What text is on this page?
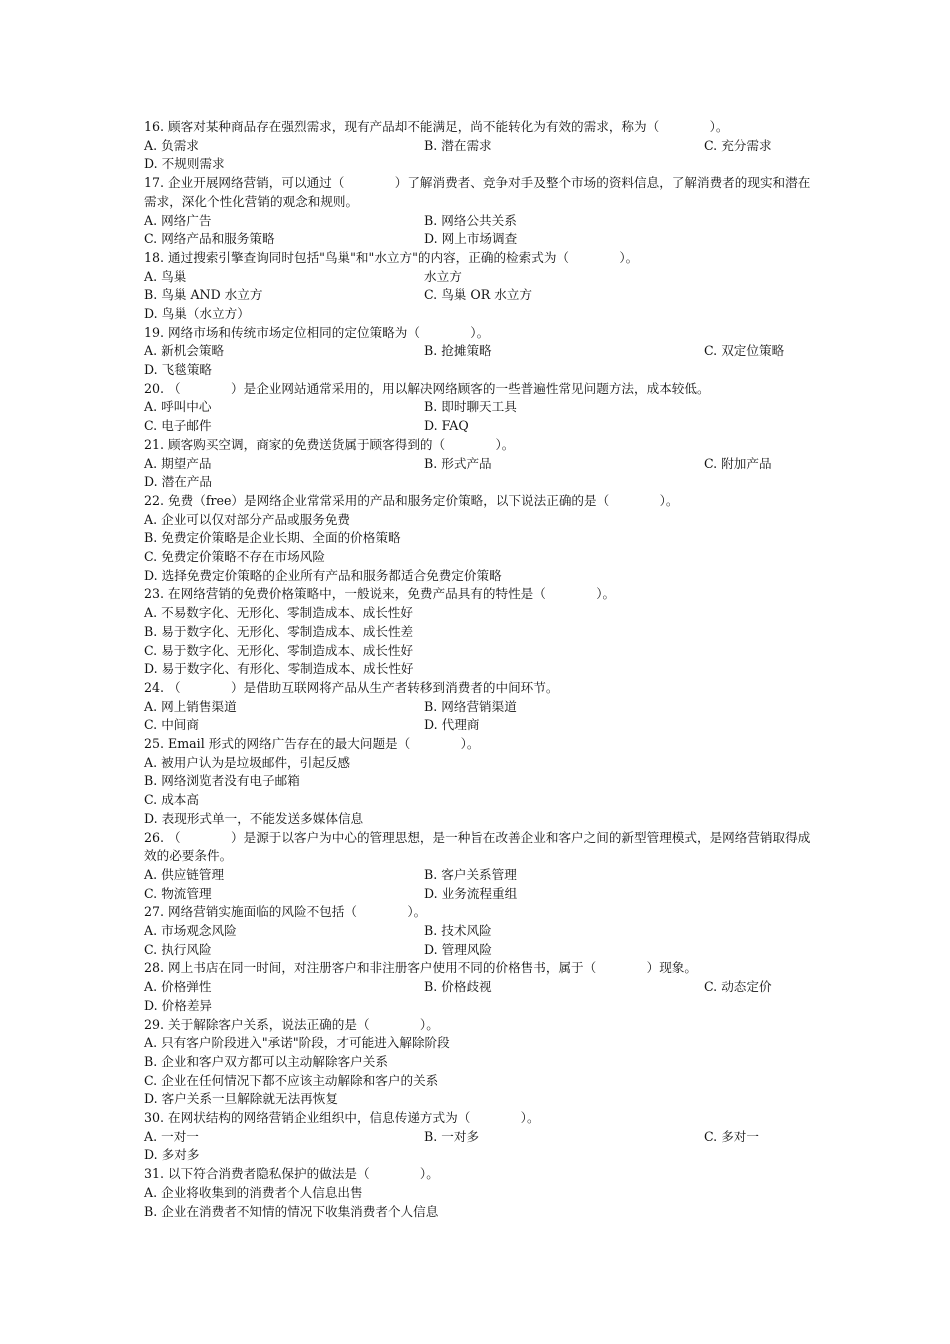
16. 顾客对某种商品存在强烈需求，现有产品却不能满足，尚不能转化为有效的需求，称为（　　　　）。

A. 负需求	B. 潜在需求	C. 充分需求
D. 不规则需求

17. 企业开展网络营销，可以通过（　　　　）了解消费者、竞争对手及整个市场的资料信息，了解消费者的现实和潜在需求，深化个性化营销的观念和规则。

A. 网络广告	B. 网络公共关系
C. 网络产品和服务策略	D. 网上市场调查

18. 通过搜索引擎查询同时包括"鸟巢"和"水立方"的内容，正确的检索式为（　　　　）。

A. 鸟巢	水立方
B. 鸟巢 AND 水立方	C. 鸟巢 OR 水立方
D. 鸟巢（水立方）

19. 网络市场和传统市场定位相同的定位策略为（　　　　）。

A. 新机会策略	B. 抢摊策略	C. 双定位策略
D. 飞毯策略

20. （　　　　）是企业网站通常采用的，用以解决网络顾客的一些普遍性常见问题方法，成本较低。

A. 呼叫中心	B. 即时聊天工具
C. 电子邮件	D. FAQ

21. 顾客购买空调，商家的免费送货属于顾客得到的（　　　　）。

A. 期望产品	B. 形式产品	C. 附加产品
D. 潜在产品

22. 免费（free）是网络企业常常采用的产品和服务定价策略，以下说法正确的是（　　　　）。

A. 企业可以仅对部分产品或服务免费
B. 免费定价策略是企业长期、全面的价格策略
C. 免费定价策略不存在市场风险
D. 选择免费定价策略的企业所有产品和服务都适合免费定价策略

23. 在网络营销的免费价格策略中，一般说来，免费产品具有的特性是（　　　　）。

A. 不易数字化、无形化、零制造成本、成长性好
B. 易于数字化、无形化、零制造成本、成长性差
C. 易于数字化、无形化、零制造成本、成长性好
D. 易于数字化、有形化、零制造成本、成长性好

24. （　　　　）是借助互联网将产品从生产者转移到消费者的中间环节。

A. 网上销售渠道	B. 网络营销渠道
C. 中间商	D. 代理商

25. Email 形式的网络广告存在的最大问题是（　　　　）。

A. 被用户认为是垃圾邮件，引起反感
B. 网络浏览者没有电子邮箱
C. 成本高
D. 表现形式单一，不能发送多媒体信息

26. （　　　　）是源于以客户为中心的管理思想，是一种旨在改善企业和客户之间的新型管理模式，是网络营销取得成效的必要条件。

A. 供应链管理	B. 客户关系管理
C. 物流管理	D. 业务流程重组

27. 网络营销实施面临的风险不包括（　　　　）。

A. 市场观念风险	B. 技术风险
C. 执行风险	D. 管理风险

28. 网上书店在同一时间，对注册客户和非注册客户使用不同的价格售书，属于（　　　　）现象。

A. 价格弹性	B. 价格歧视	C. 动态定价
D. 价格差异

29. 关于解除客户关系，说法正确的是（　　　　）。

A. 只有客户阶段进入"承诺"阶段，才可能进入解除阶段
B. 企业和客户双方都可以主动解除客户关系
C. 企业在任何情况下都不应该主动解除和客户的关系
D. 客户关系一旦解除就无法再恢复

30. 在网状结构的网络营销企业组织中，信息传递方式为（　　　　）。

A. 一对一	B. 一对多	C. 多对一
D. 多对多

31. 以下符合消费者隐私保护的做法是（　　　　）。

A. 企业将收集到的消费者个人信息出售
B. 企业在消费者不知情的情况下收集消费者个人信息
